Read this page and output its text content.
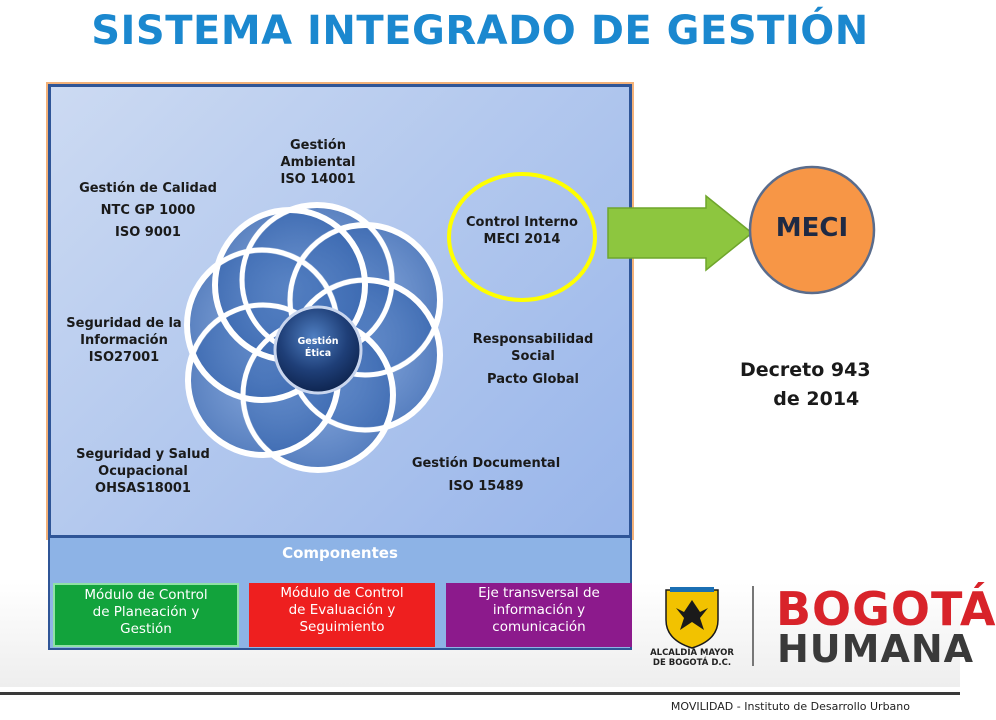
SISTEMA INTEGRADO DE GESTIÓN
Gestión
Ambiental
ISO 14001
Gestión de Calidad
NTC GP 1000
ISO 9001
Control Interno
MECI 2014
Responsabilidad
Social
Pacto Global
Seguridad de la
Información
ISO27001
Seguridad y Salud
Ocupacional
OHSAS18001
Gestión Documental
ISO 15489
Gestión
Ética
MECI
Decreto 943
de 2014
Componentes
Módulo de Control
de Planeación y
Gestión
Módulo de Control
de Evaluación y
Seguimiento
Eje transversal de
información y
comunicación
ALCALDÍA MAYOR
DE BOGOTÁ D.C.
BOGOTÁ
HUMANA
MOVILIDAD - Instituto de Desarrollo Urbano
